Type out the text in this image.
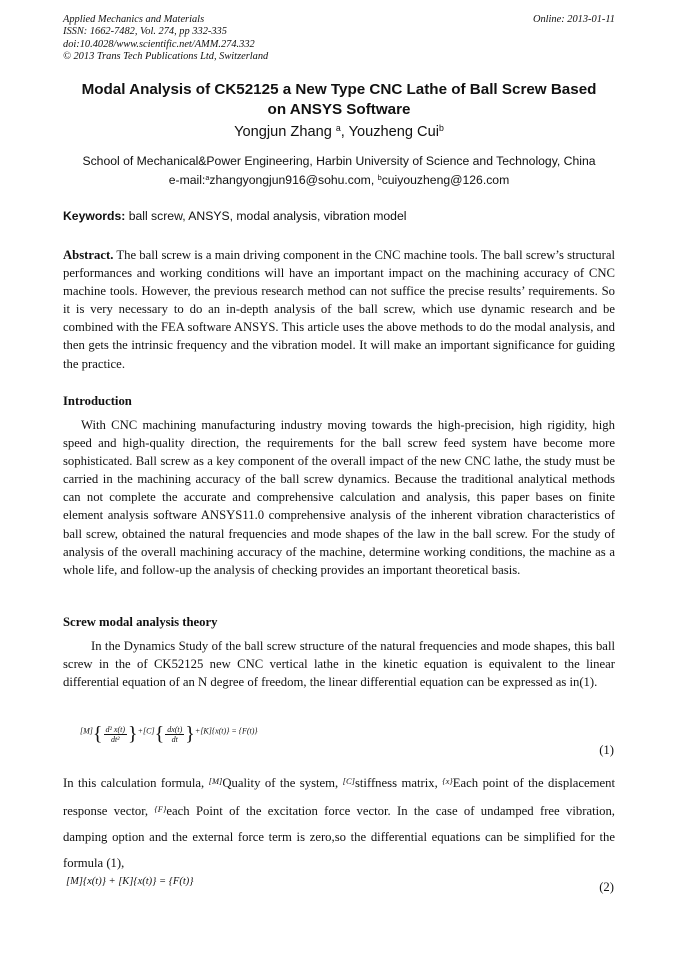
Applied Mechanics and Materials
ISSN: 1662-7482, Vol. 274, pp 332-335
doi:10.4028/www.scientific.net/AMM.274.332
© 2013 Trans Tech Publications Ltd, Switzerland
Online: 2013-01-11
Modal Analysis of CK52125 a New Type CNC Lathe of Ball Screw Based
on ANSYS Software
Yongjun Zhang $^a$, Youzheng Cui$^b$
School of Mechanical&Power Engineering, Harbin University of Science and Technology, China
e-mail:$^a$zhangyongjun916@sohu.com, $^b$cuiyouzheng@126.com
Keywords: ball screw, ANSYS, modal analysis, vibration model
Abstract. The ball screw is a main driving component in the CNC machine tools. The ball screw’s structural performances and working conditions will have an important impact on the machining accuracy of CNC machine tools. However, the previous research method can not suffice the precise results’ requirements. So it is very necessary to do an in-depth analysis of the ball screw, which use dynamic research and be combined with the FEA software ANSYS. This article uses the above methods to do the modal analysis, and then gets the intrinsic frequency and the vibration model. It will make an important significance for guiding the practice.
Introduction
With CNC machining manufacturing industry moving towards the high-precision, high rigidity, high speed and high-quality direction, the requirements for the ball screw feed system have become more sophisticated. Ball screw as a key component of the overall impact of the new CNC lathe, the study must be carried in the machining accuracy of the ball screw dynamics. Because the traditional analytical methods can not complete the accurate and comprehensive calculation and analysis, this paper bases on finite element analysis software ANSYS11.0 comprehensive analysis of the inherent vibration characteristics of ball screw, obtained the natural frequencies and mode shapes of the law in the ball screw. For the study of analysis of the overall machining accuracy of the machine, determine working conditions, the machine as a whole life, and follow-up the analysis of checking provides an important theoretical basis.
Screw modal analysis theory
In the Dynamics Study of the ball screw structure of the natural frequencies and mode shapes, this ball screw in the of CK52125 new CNC vertical lathe in the kinetic equation is equivalent to the linear differential equation of an N degree of freedom, the linear differential equation can be expressed as in(1).
$[M]\{ \frac{\text{d² x(t)}}{\text{dt²}} \}^{+[C]}\{ \frac{dx(t)}{dt} \}^{+[K]\{x(t)\} = \{F(t)\}}$
(1)
In this calculation formula, [M]Quality of the system, [C]stiffness matrix, $^{\{x\}}$Each point of the displacement response vector, $^{\{F\}}$each Point of the excitation force vector. In the case of undamped free vibration, damping option and the external force term is zero,so the differential equations can be simplified for the formula (1),
[M]{x(t)} + [K]{x(t)} = {F(t)}	(2)
